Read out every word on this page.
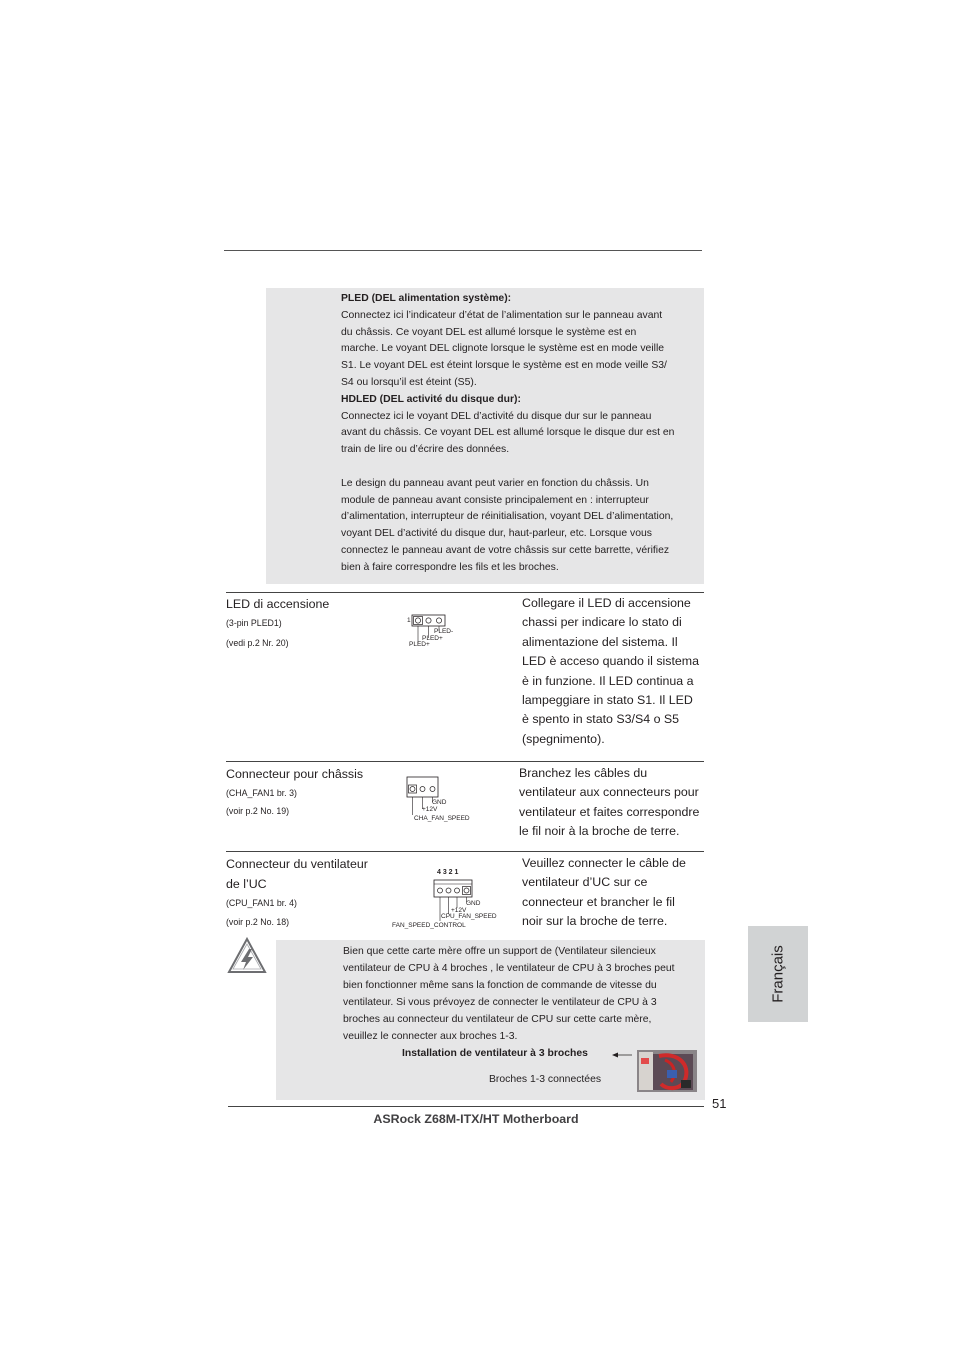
PLED (DEL alimentation système):

Connectez ici l’indicateur d’état de l’alimentation sur le panneau avant

du châssis. Ce voyant DEL est allumé lorsque le système est en

marche. Le voyant DEL clignote lorsque le système est en mode veille

S1. Le voyant DEL est éteint lorsque le système est en mode veille S3/

S4 ou lorsqu’il est éteint (S5).

HDLED (DEL activité du disque dur):

Connectez ici le voyant DEL d’activité du disque dur sur le panneau

avant du châssis. Ce voyant DEL est allumé lorsque le disque dur est en

train de lire ou d’écrire des données.

Le design du panneau avant peut varier en fonction du châssis. Un

module de panneau avant consiste principalement en : interrupteur

d’alimentation, interrupteur de réinitialisation, voyant DEL d’alimentation,

voyant DEL d’activité du disque dur, haut-parleur, etc. Lorsque vous

connectez le panneau avant de votre châssis sur cette barrette, vérifiez

bien à faire correspondre les fils et les broches.

LED di accensione
(3-pin PLED1)
(vedi p.2 Nr. 20)
1
PLED-
PLED+
PLED+
Collegare il LED di accensione
chassi per indicare lo stato di
alimentazione del sistema. Il
LED è acceso quando il sistema
è in funzione. Il LED continua a
lampeggiare in stato S1. Il LED
è spento in stato S3/S4 o S5
(spegnimento).
Connecteur pour châssis
(CHA_FAN1 br. 3)
(voir p.2 No. 19)
GND
+12V
CHA_FAN_SPEED
Branchez les câbles du
ventilateur aux connecteurs pour
ventilateur et faites correspondre
le fil noir à la broche de terre.
Connecteur du ventilateur
de l’UC
(CPU_FAN1 br. 4)
(voir p.2 No. 18)
4 3 2 1
GND
+12V
CPU_FAN_SPEED
FAN_SPEED_CONTROL
Veuillez connecter le câble de
ventilateur d’UC sur ce
connecteur et brancher le fil
noir sur la broche de terre.
Bien que cette carte mère offre un support de (Ventilateur silencieux
ventilateur de CPU à 4 broches , le ventilateur de CPU à 3 broches peut
bien fonctionner même sans la fonction de commande de vitesse du
ventilateur. Si vous prévoyez de connecter le ventilateur de CPU à 3
broches au connecteur du ventilateur de CPU sur cette carte mère,
veuillez le connecter aux broches 1-3.
Installation de ventilateur à 3 broches
Broches 1-3 connectées
Français
51
ASRock Z68M-ITX/HT Motherboard
